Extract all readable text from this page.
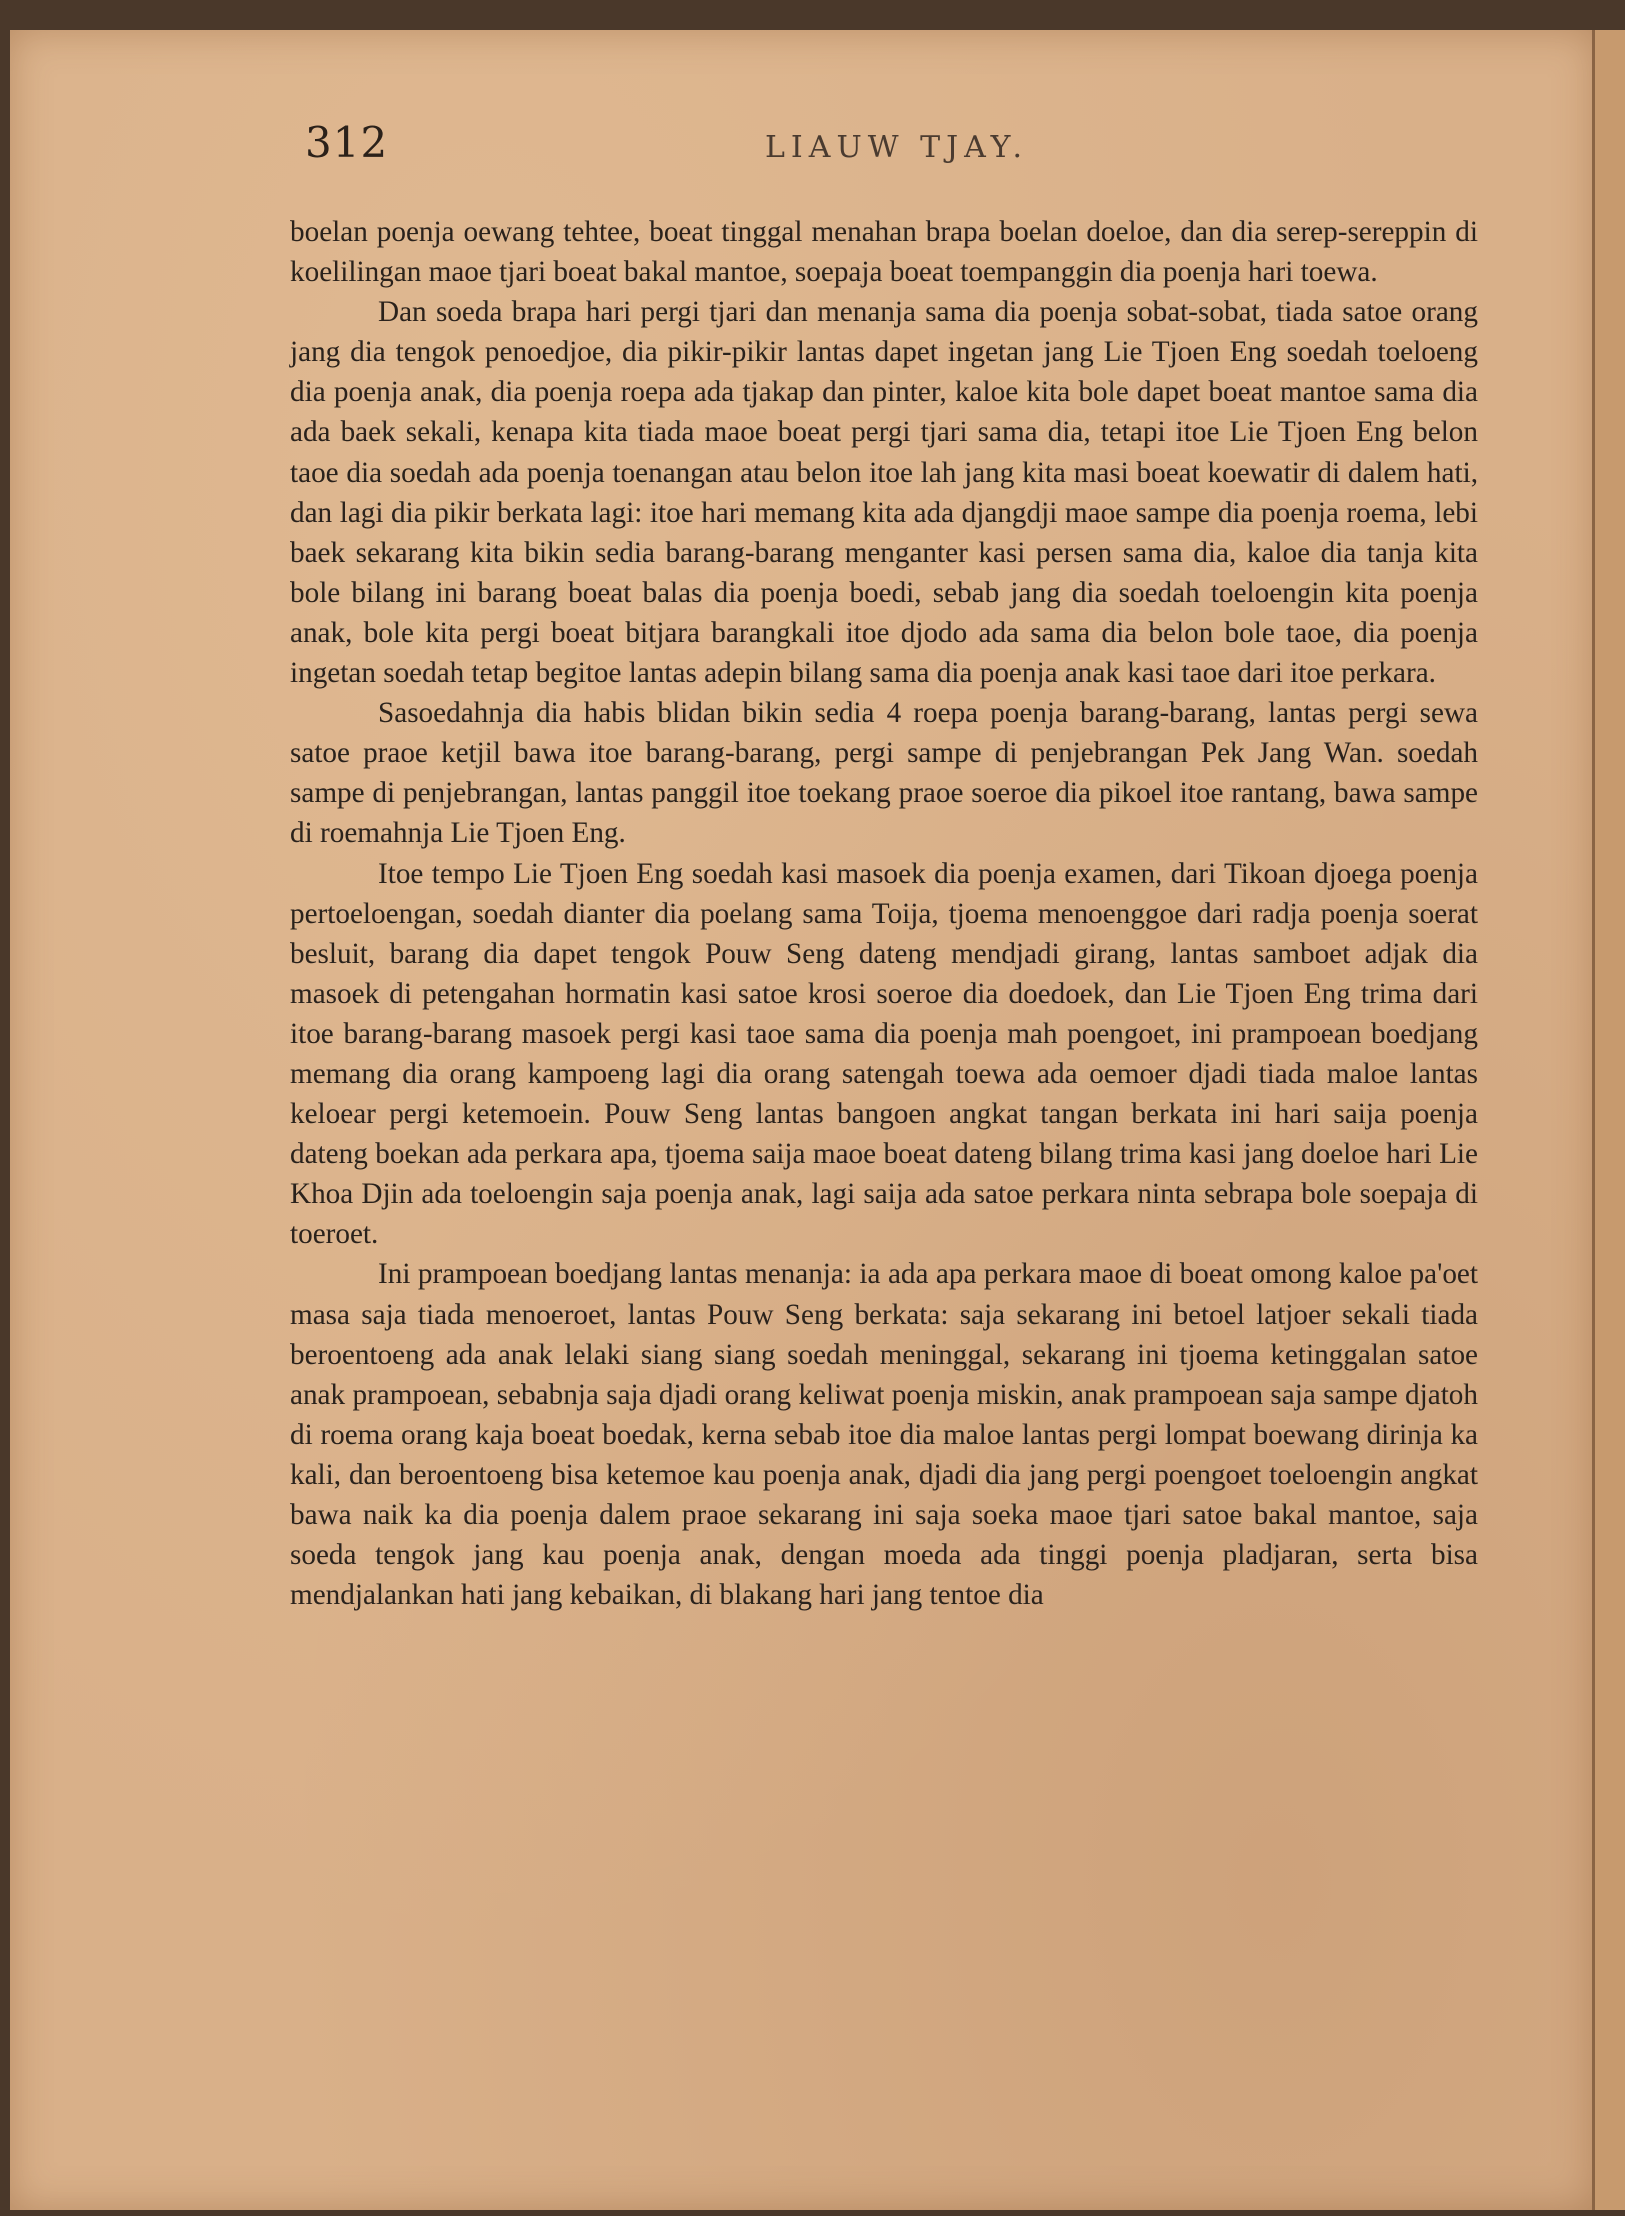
312	LIAUW TJAY.

boelan poenja oewang tehtee, boeat tinggal menahan brapa boelan doeloe, dan dia serep-sereppin di koelilingan maoe tjari boeat bakal mantoe, soepaja boeat toempanggin dia poenja hari toewa.

Dan soeda brapa hari pergi tjari dan menanja sama dia poenja sobat-sobat, tiada satoe orang jang dia tengok penoedjoe, dia pikir-pikir lantas dapet ingetan jang Lie Tjoen Eng soedah toeloeng dia poenja anak, dia poenja roepa ada tjakap dan pinter, kaloe kita bole dapet boeat mantoe sama dia ada baek sekali, kenapa kita tiada maoe boeat pergi tjari sama dia, tetapi itoe Lie Tjoen Eng belon taoe dia soedah ada poenja toenangan atau belon itoe lah jang kita masi boeat koewatir di dalem hati, dan lagi dia pikir berkata lagi: itoe hari memang kita ada djangdji maoe sampe dia poenja roema, lebi baek sekarang kita bikin sedia barang-barang menganter kasi persen sama dia, kaloe dia tanja kita bole bilang ini barang boeat balas dia poenja boedi, sebab jang dia soedah toeloengin kita poenja anak, bole kita pergi boeat bitjara barangkali itoe djodo ada sama dia belon bole taoe, dia poenja ingetan soedah tetap begitoe lantas adepin bilang sama dia poenja anak kasi taoe dari itoe perkara.

Sasoedahnja dia habis blidan bikin sedia 4 roepa poenja barang-barang, lantas pergi sewa satoe praoe ketjil bawa itoe barang-barang, pergi sampe di penjebrangan Pek Jang Wan. soedah sampe di penjebrangan, lantas panggil itoe toekang praoe soeroe dia pikoel itoe rantang, bawa sampe di roemahnja Lie Tjoen Eng.

Itoe tempo Lie Tjoen Eng soedah kasi masoek dia poenja examen, dari Tikoan djoega poenja pertoeloengan, soedah dianter dia poelang sama Toija, tjoema menoenggoe dari radja poenja soerat besluit, barang dia dapet tengok Pouw Seng dateng mendjadi girang, lantas samboet adjak dia masoek di petengahan hormatin kasi satoe krosi soeroe dia doedoek, dan Lie Tjoen Eng trima dari itoe barang-barang masoek pergi kasi taoe sama dia poenja mah poengoet, ini prampoean boedjang memang dia orang kampoeng lagi dia orang satengah toewa ada oemoer djadi tiada maloe lantas keloear pergi ketemoein. Pouw Seng lantas bangoen angkat tangan berkata ini hari saija poenja dateng boekan ada perkara apa, tjoema saija maoe boeat dateng bilang trima kasi jang doeloe hari Lie Khoa Djin ada toeloengin saja poenja anak, lagi saija ada satoe perkara ninta sebrapa bole soepaja di toeroet.

Ini prampoean boedjang lantas menanja: ia ada apa perkara maoe di boeat omong kaloe pa'oet masa saja tiada menoeroet, lantas Pouw Seng berkata: saja sekarang ini betoel latjoer sekali tiada beroentoeng ada anak lelaki siang siang soedah meninggal, sekarang ini tjoema ketinggalan satoe anak prampoean, sebabnja saja djadi orang keliwat poenja miskin, anak prampoean saja sampe djatoh di roema orang kaja boeat boedak, kerna sebab itoe dia maloe lantas pergi lompat boewang dirinja ka kali, dan beroentoeng bisa ketemoe kau poenja anak, djadi dia jang pergi poengoet toeloengin angkat bawa naik ka dia poenja dalem praoe sekarang ini saja soeka maoe tjari satoe bakal mantoe, saja soeda tengok jang kau poenja anak, dengan moeda ada tinggi poenja pladjaran, serta bisa mendjalankan hati jang kebaikan, di blakang hari jang tentoe dia
